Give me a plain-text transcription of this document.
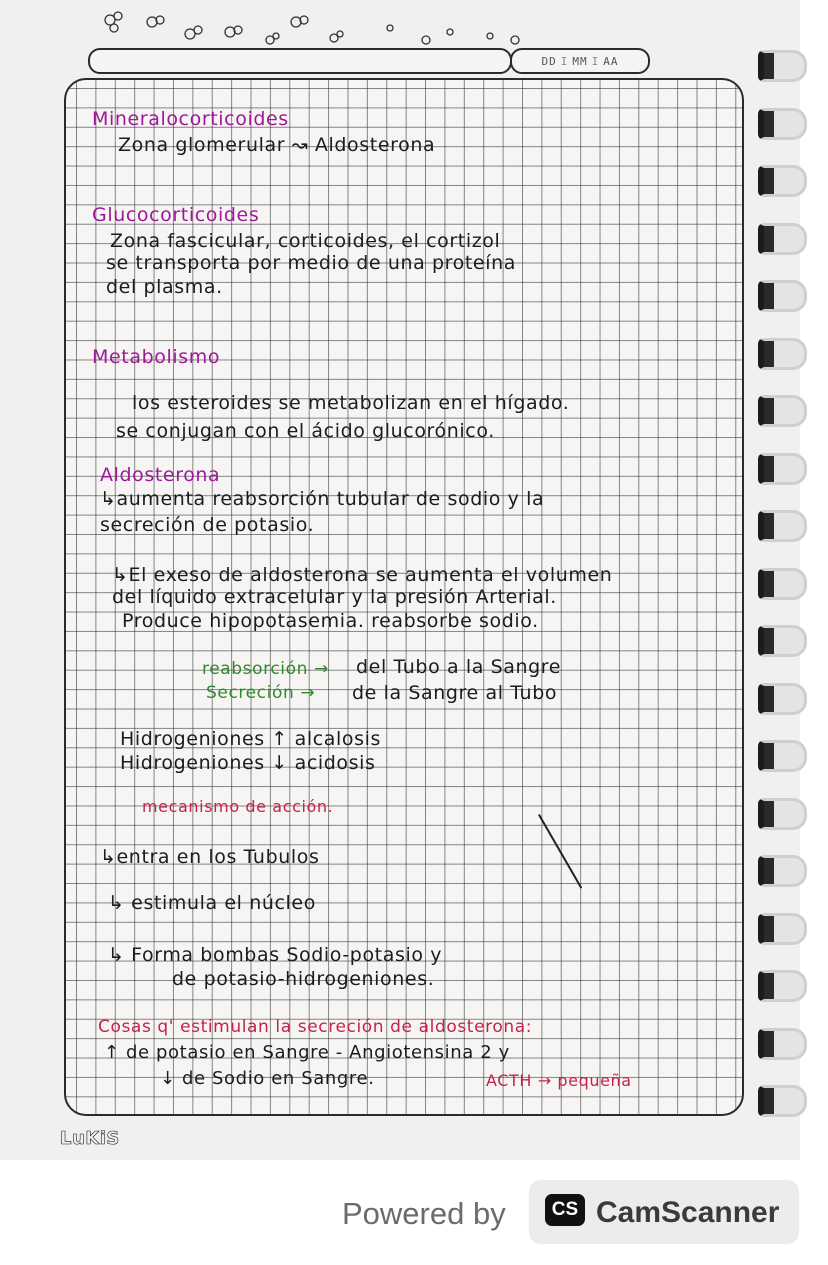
DD I MM I AA
Mineralocorticoides
Zona glomerular ↝ Aldosterona
Glucocorticoides
Zona fascicular, corticoides, el cortizol
se transporta por medio de una proteína
del plasma.
Metabolismo
los esteroides se metabolizan en el hígado.
se conjugan con el ácido glucorónico.
Aldosterona
↳aumenta reabsorción tubular de sodio y la
secreción de potasio.
↳El exeso de aldosterona se aumenta el volumen
del líquido extracelular y la presión Arterial.
Produce hipopotasemia. reabsorbe sodio.
reabsorción → del Tubo a la Sangre
Secreción → de la Sangre al Tubo
Hidrogeniones ↑ alcalosis
Hidrogeniones ↓ acidosis
mecanismo de acción.
↳entra en los Tubulos
↳ estimula el núcleo
↳ Forma bombas Sodio-potasio y
de potasio-hidrogeniones.
Cosas q' estimulan la secreción de aldosterona:
↑ de potasio en Sangre - Angiotensina 2 y
↓ de Sodio en Sangre.	ACTH → pequeña
LuKiS
Powered by	CS CamScanner
